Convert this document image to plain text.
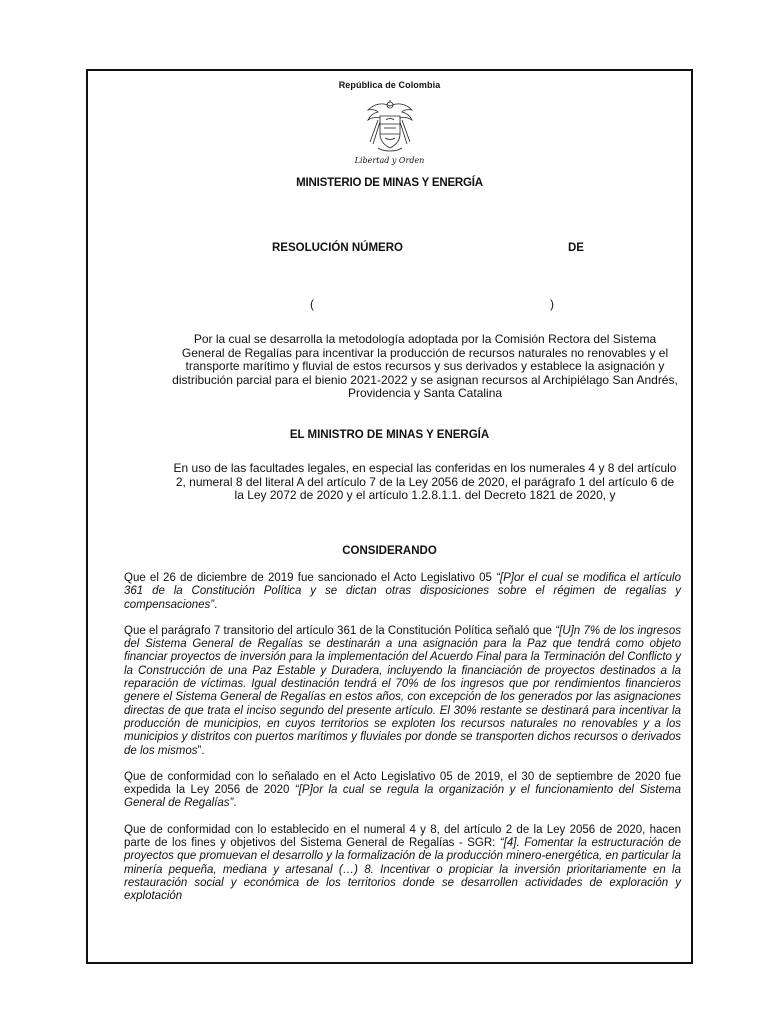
República de Colombia
Libertad y Orden
MINISTERIO DE MINAS Y ENERGÍA
RESOLUCIÓN NÚMERO	DE
(	)
Por la cual se desarrolla la metodología adoptada por la Comisión Rectora del Sistema General de Regalías para incentivar la producción de recursos naturales no renovables y el transporte marítimo y fluvial de estos recursos y sus derivados y establece la asignación y distribución parcial para el bienio 2021-2022 y se asignan recursos al Archipiélago San Andrés, Providencia y Santa Catalina
EL MINISTRO DE MINAS Y ENERGÍA
En uso de las facultades legales, en especial las conferidas en los numerales 4 y 8 del artículo 2, numeral 8 del literal A del artículo 7 de la Ley 2056 de 2020, el parágrafo 1 del artículo 6 de la Ley 2072 de 2020 y el artículo 1.2.8.1.1. del Decreto 1821 de 2020, y
CONSIDERANDO

Que el 26 de diciembre de 2019 fue sancionado el Acto Legislativo 05 “[P]or el cual se modifica el artículo 361 de la Constitución Política y se dictan otras disposiciones sobre el régimen de regalías y compensaciones”.

Que el parágrafo 7 transitorio del artículo 361 de la Constitución Política señaló que “[U]n 7% de los ingresos del Sistema General de Regalías se destinarán a una asignación para la Paz que tendrá como objeto financiar proyectos de inversión para la implementación del Acuerdo Final para la Terminación del Conflicto y la Construcción de una Paz Estable y Duradera, incluyendo la financiación de proyectos destinados a la reparación de víctimas. Igual destinación tendrá el 70% de los ingresos que por rendimientos financieros genere el Sistema General de Regalías en estos años, con excepción de los generados por las asignaciones directas de que trata el inciso segundo del presente artículo. El 30% restante se destinará para incentivar la producción de municipios, en cuyos territorios se exploten los recursos naturales no renovables y a los municipios y distritos con puertos marítimos y fluviales por donde se transporten dichos recursos o derivados de los mismos”.

Que de conformidad con lo señalado en el Acto Legislativo 05 de 2019, el 30 de septiembre de 2020 fue expedida la Ley 2056 de 2020 “[P]or la cual se regula la organización y el funcionamiento del Sistema General de Regalías”.

Que de conformidad con lo establecido en el numeral 4 y 8, del artículo 2 de la Ley 2056 de 2020, hacen parte de los fines y objetivos del Sistema General de Regalías - SGR: “[4]. Fomentar la estructuración de proyectos que promuevan el desarrollo y la formalización de la producción minero-energética, en particular la minería pequeña, mediana y artesanal (…) 8. Incentivar o propiciar la inversión prioritariamente en la restauración social y económica de los territorios donde se desarrollen actividades de exploración y explotación
